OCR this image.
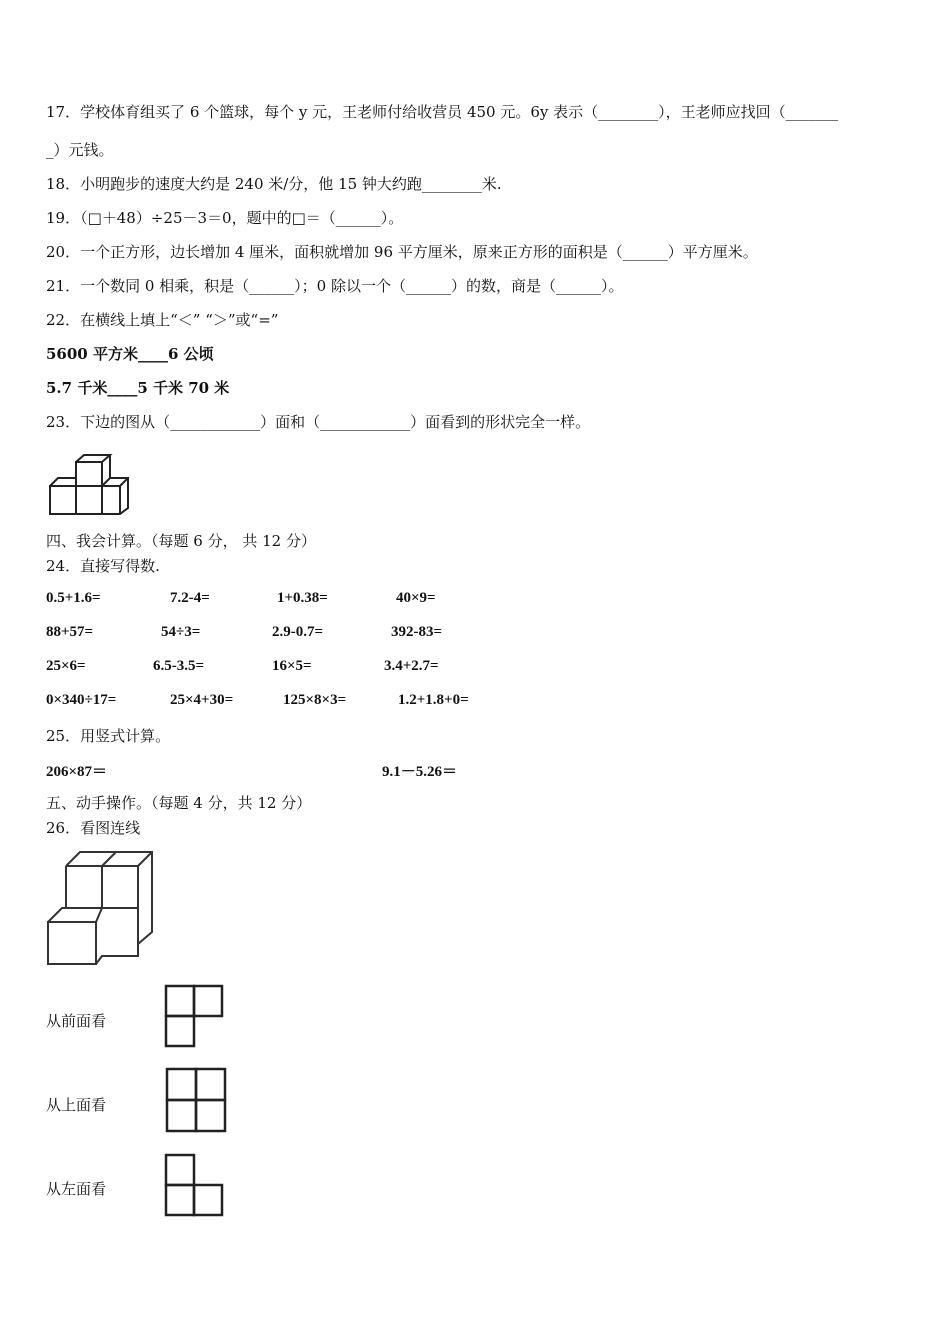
17．学校体育组买了 6 个篮球，每个 y 元，王老师付给收营员 450 元。6y 表示（________），王老师应找回（_______
_）元钱。
18．小明跑步的速度大约是 240 米/分，他 15 钟大约跑________米.
19．（□＋48）÷25－3＝0，题中的□＝（______）。
20．一个正方形，边长增加 4 厘米，面积就增加 96 平方厘米，原来正方形的面积是（______）平方厘米。
21．一个数同 0 相乘，积是（______）；0 除以一个（______）的数，商是（______）。
22．在横线上填上“＜” “＞”或“=”
5600 平方米____6 公顷
5.7 千米____5 千米 70 米
23．下边的图从（____________）面和（____________）面看到的形状完全一样。
四、我会计算。（每题 6 分， 共 12 分）
24．直接写得数.
0.5+1.6=	7.2-4=	1+0.38=	40×9=
88+57=	54÷3=	2.9-0.7=	392-83=
25×6=	6.5-3.5=	16×5=	3.4+2.7=
0×340÷17=	25×4+30=	125×8×3=	1.2+1.8+0=
25．用竖式计算。
206×87＝	9.1－5.26＝
五、动手操作。（每题 4 分，共 12 分）
26．看图连线
从前面看
从上面看
从左面看
